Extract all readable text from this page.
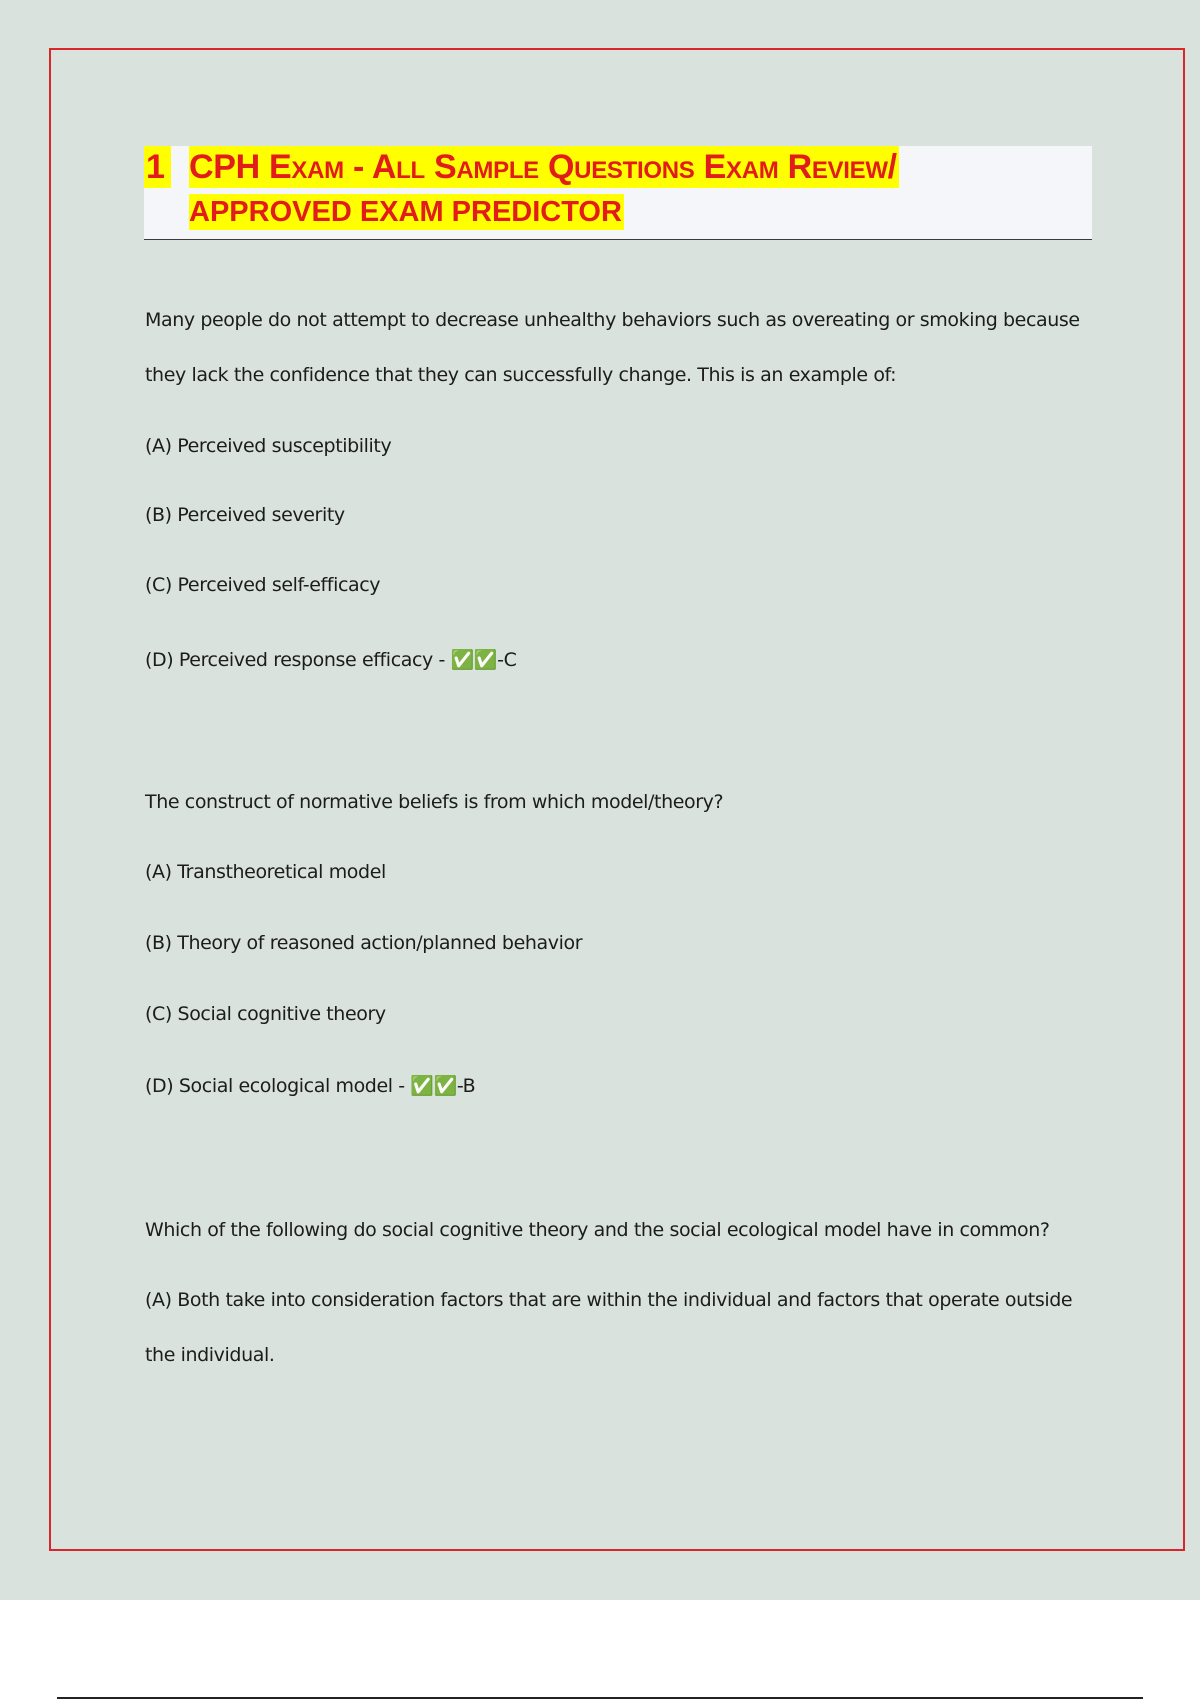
1 CPH Exam - All Sample Questions Exam Review/
APPROVED EXAM PREDICTOR

Many people do not attempt to decrease unhealthy behaviors such as overeating or smoking because

they lack the confidence that they can successfully change. This is an example of:

(A) Perceived susceptibility

(B) Perceived severity

(C) Perceived self-efficacy

(D) Perceived response efficacy - ✅✅-C

The construct of normative beliefs is from which model/theory?

(A) Transtheoretical model

(B) Theory of reasoned action/planned behavior

(C) Social cognitive theory

(D) Social ecological model - ✅✅-B

Which of the following do social cognitive theory and the social ecological model have in common?

(A) Both take into consideration factors that are within the individual and factors that operate outside

the individual.
